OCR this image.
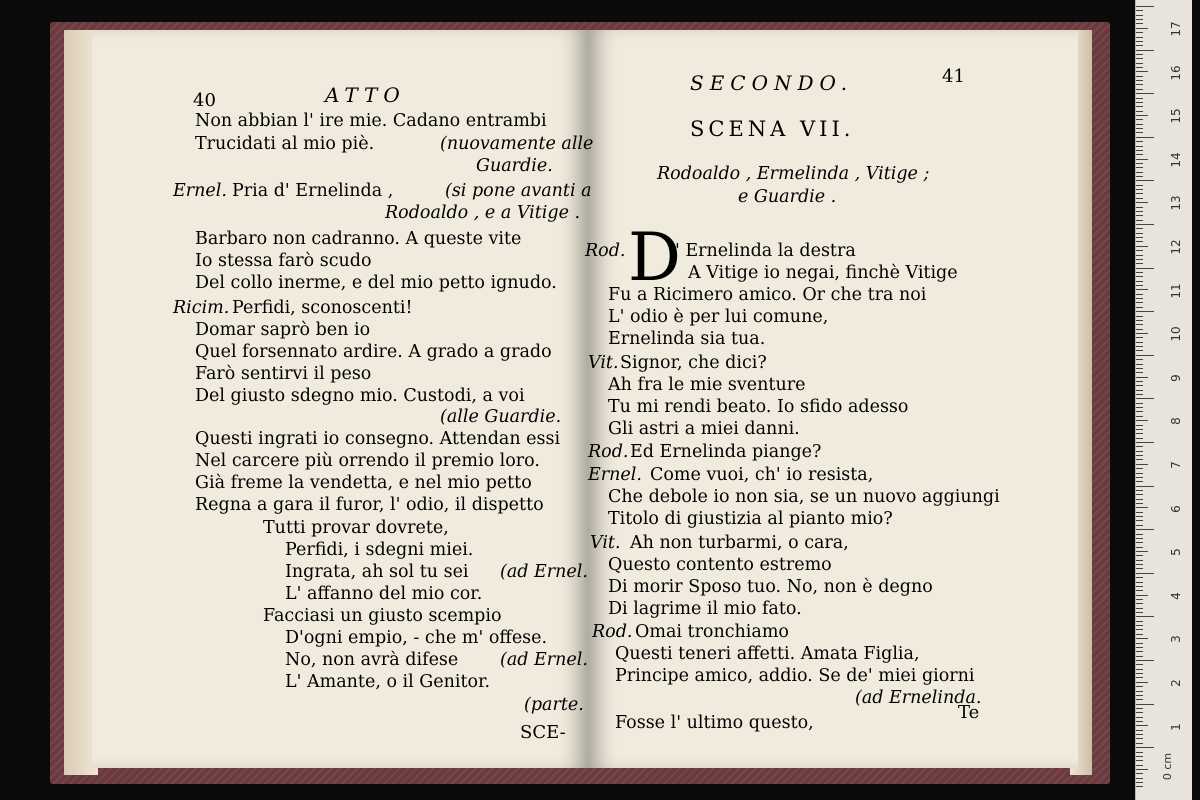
40	ATTO	SECONDO.	41
SCENA VII.
Rodoaldo , Ermelinda , Vitige ;
e Guardie .
D
Non abbian l' ire mie. Cadano entrambi
Trucidati al mio piè.	(nuovamente alle
Guardie.
Ernel. Pria d' Ernelinda ,	(si pone avanti a
Rodoaldo , e a Vitige .
Barbaro non cadranno. A queste vite
Io stessa farò scudo
Del collo inerme, e del mio petto ignudo.
Ricim. Perfidi, sconoscenti!
Domar saprò ben io
Quel forsennato ardire. A grado a grado
Farò sentirvi il peso
Del giusto sdegno mio. Custodi, a voi
(alle Guardie.
Questi ingrati io consegno. Attendan essi
Nel carcere più orrendo il premio loro.
Già freme la vendetta, e nel mio petto
Regna a gara il furor, l' odio, il dispetto
Tutti provar dovrete,
Perfidi, i sdegni miei.
Ingrata, ah sol tu sei (ad Ernel.
L' affanno del mio cor.
Facciasi un giusto scempio
D'ogni empio, - che m' offese.
No, non avrà difese (ad Ernel.
L' Amante, o il Genitor.
(parte.
Rod.	' Ernelinda la destra
A Vitige io negai, finchè Vitige
Fu a Ricimero amico. Or che tra noi
L' odio è per lui comune,
Ernelinda sia tua.
Vit. Signor, che dici?
Ah fra le mie sventure
Tu mi rendi beato. Io sfido adesso
Gli astri a miei danni.
Rod. Ed Ernelinda piange?
Ernel. Come vuoi, ch' io resista,
Che debole io non sia, se un nuovo aggiungi
Titolo di giustizia al pianto mio?
Vit. Ah non turbarmi, o cara,
Questo contento estremo
Di morir Sposo tuo. No, non è degno
Di lagrime il mio fato.
Rod. Omai tronchiamo
Questi teneri affetti. Amata Figlia,
Principe amico, addio. Se de' miei giorni
(ad Ernelinda.
Fosse l' ultimo questo,
SCE-
Te
0 cm
17
16
15
14
13
12
11
10
9
8
7
6
5
4
3
2
1
